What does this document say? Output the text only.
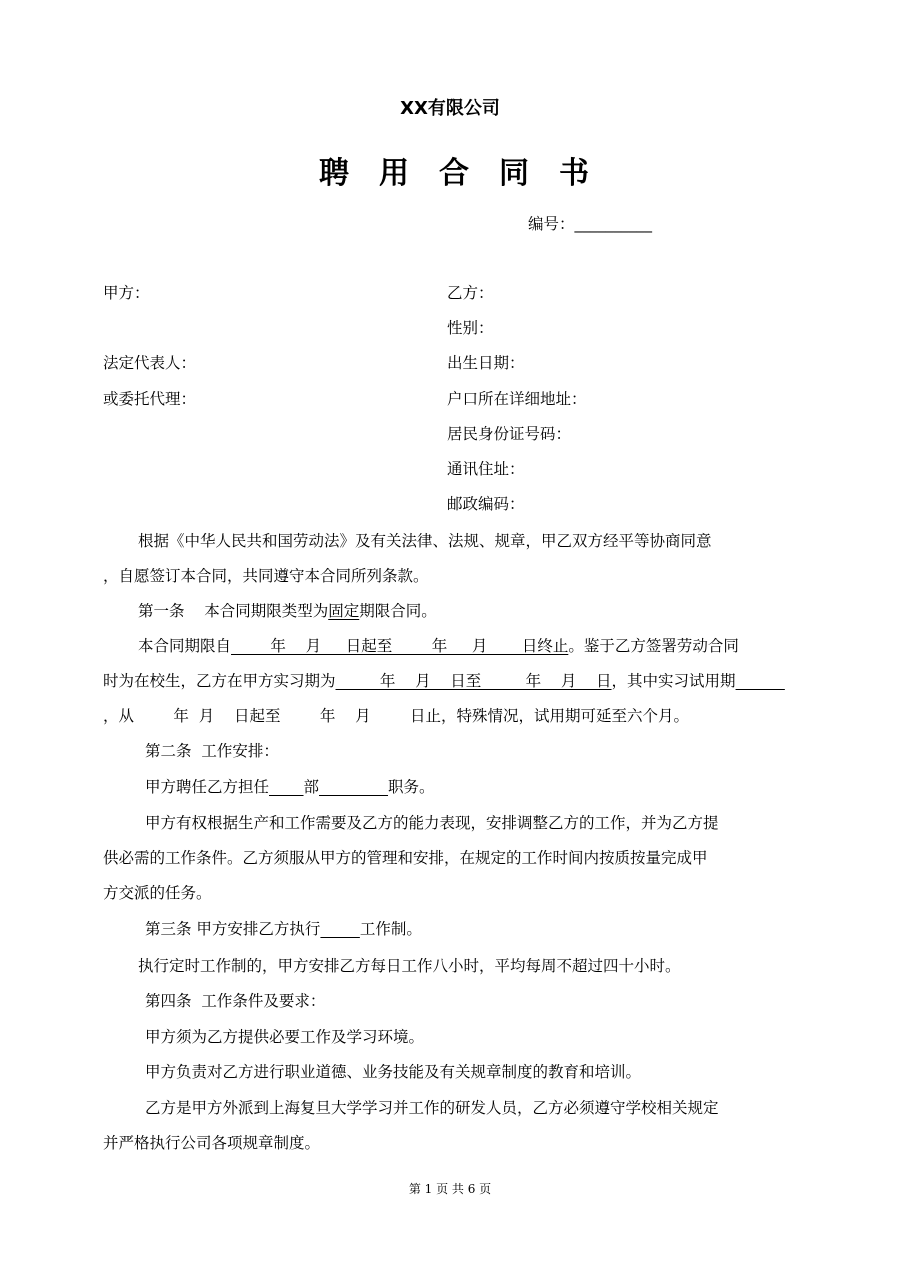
XX有限公司
聘用合同书
编号：__________
甲方：
法定代表人：
或委托代理：
乙方：
性别：
出生日期：
户口所在详细地址：
居民身份证号码：
通讯住址：
邮政编码：
根据《中华人民共和国劳动法》及有关法律、法规、规章，甲乙双方经平等协商同意
，自愿签订本合同，共同遵守本合同所列条款。
第一条    本合同期限类型为固定期限合同。
本合同期限自        年    月     日起至        年     月       日终止。鉴于乙方签署劳动合同
时为在校生，乙方在甲方实习期为         年    月    日至         年    月    日，其中实习试用期
，从        年  月    日起至        年    月        日止，特殊情况，试用期可延至六个月。
第二条  工作安排：
甲方聘任乙方担任 部	职务。
甲方有权根据生产和工作需要及乙方的能力表现，安排调整乙方的工作，并为乙方提
供必需的工作条件。乙方须服从甲方的管理和安排，在规定的工作时间内按质按量完成甲
方交派的任务。
第三条 甲方安排乙方执行	工作制。
执行定时工作制的，甲方安排乙方每日工作八小时，平均每周不超过四十小时。
第四条  工作条件及要求：
甲方须为乙方提供必要工作及学习环境。
甲方负责对乙方进行职业道德、业务技能及有关规章制度的教育和培训。
乙方是甲方外派到上海复旦大学学习并工作的研发人员，乙方必须遵守学校相关规定
并严格执行公司各项规章制度。
第 1 页 共 6 页
